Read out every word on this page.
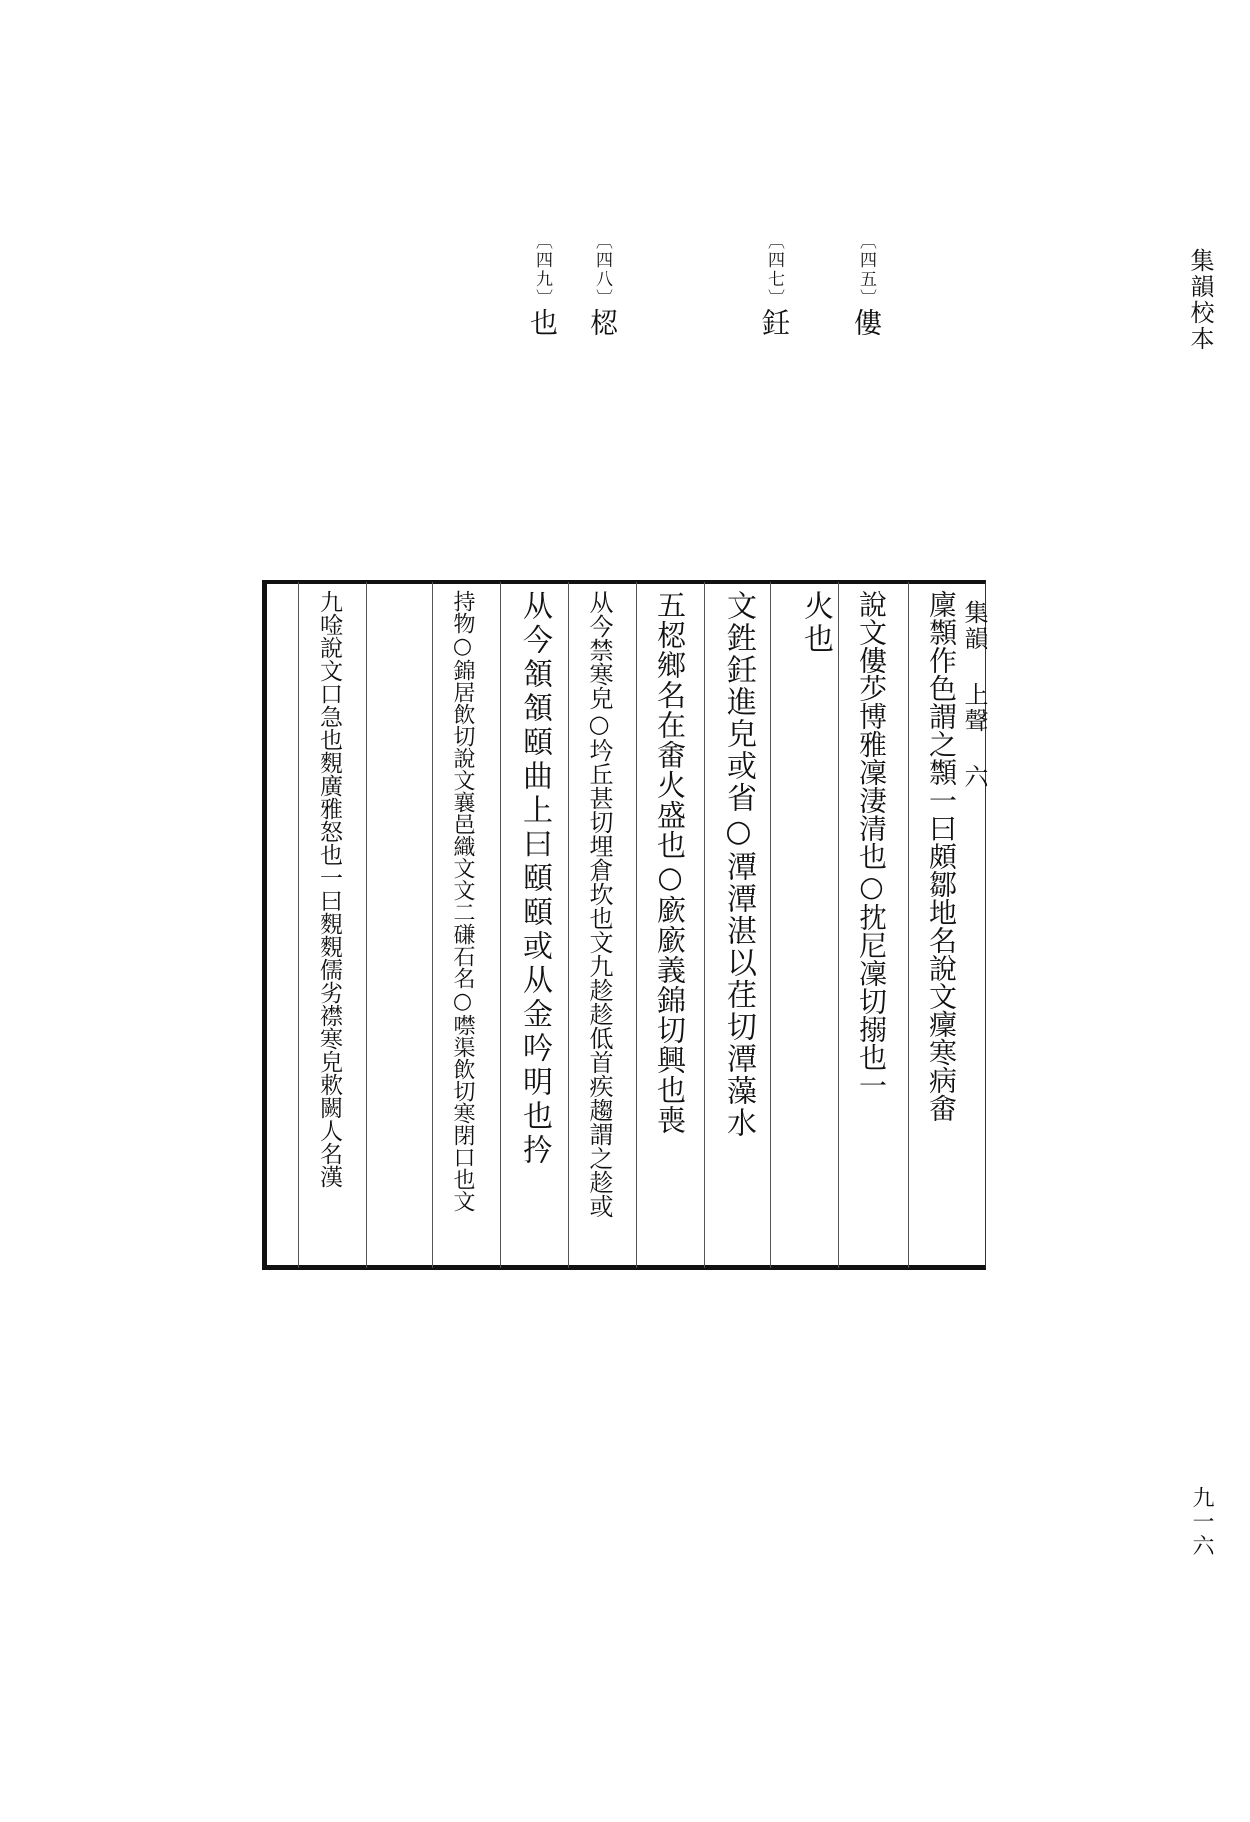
集韻校本
九一六
〔四五〕僂
〔四七〕鈓
〔四八〕梕
〔四九〕也
集韻 上聲 六
廩䫴作色謂之䫴一曰頗鄒地名說文癛寒病畬
說文僂䒚博雅凜淒清也○抌尼凜切搦也一
火也
文鉎鈓進皃或省○潭潭湛以荏切潭藻水
五梕鄉名在畬火盛也○廞廞義錦切興也喪
从今禁寒皃○坅丘甚切埋倉坎也文九趁趁低首疾趨謂之趁或
从今頷頷頤曲上曰頤頤或从金吟明也扲
持物○錦居飲切說文襄邑織文文二磏石名○噤渠飲切寒閉口也文
九唫說文口急也麲廣雅怒也一曰麲麲儒劣襟寒皃欶闕人名漢
